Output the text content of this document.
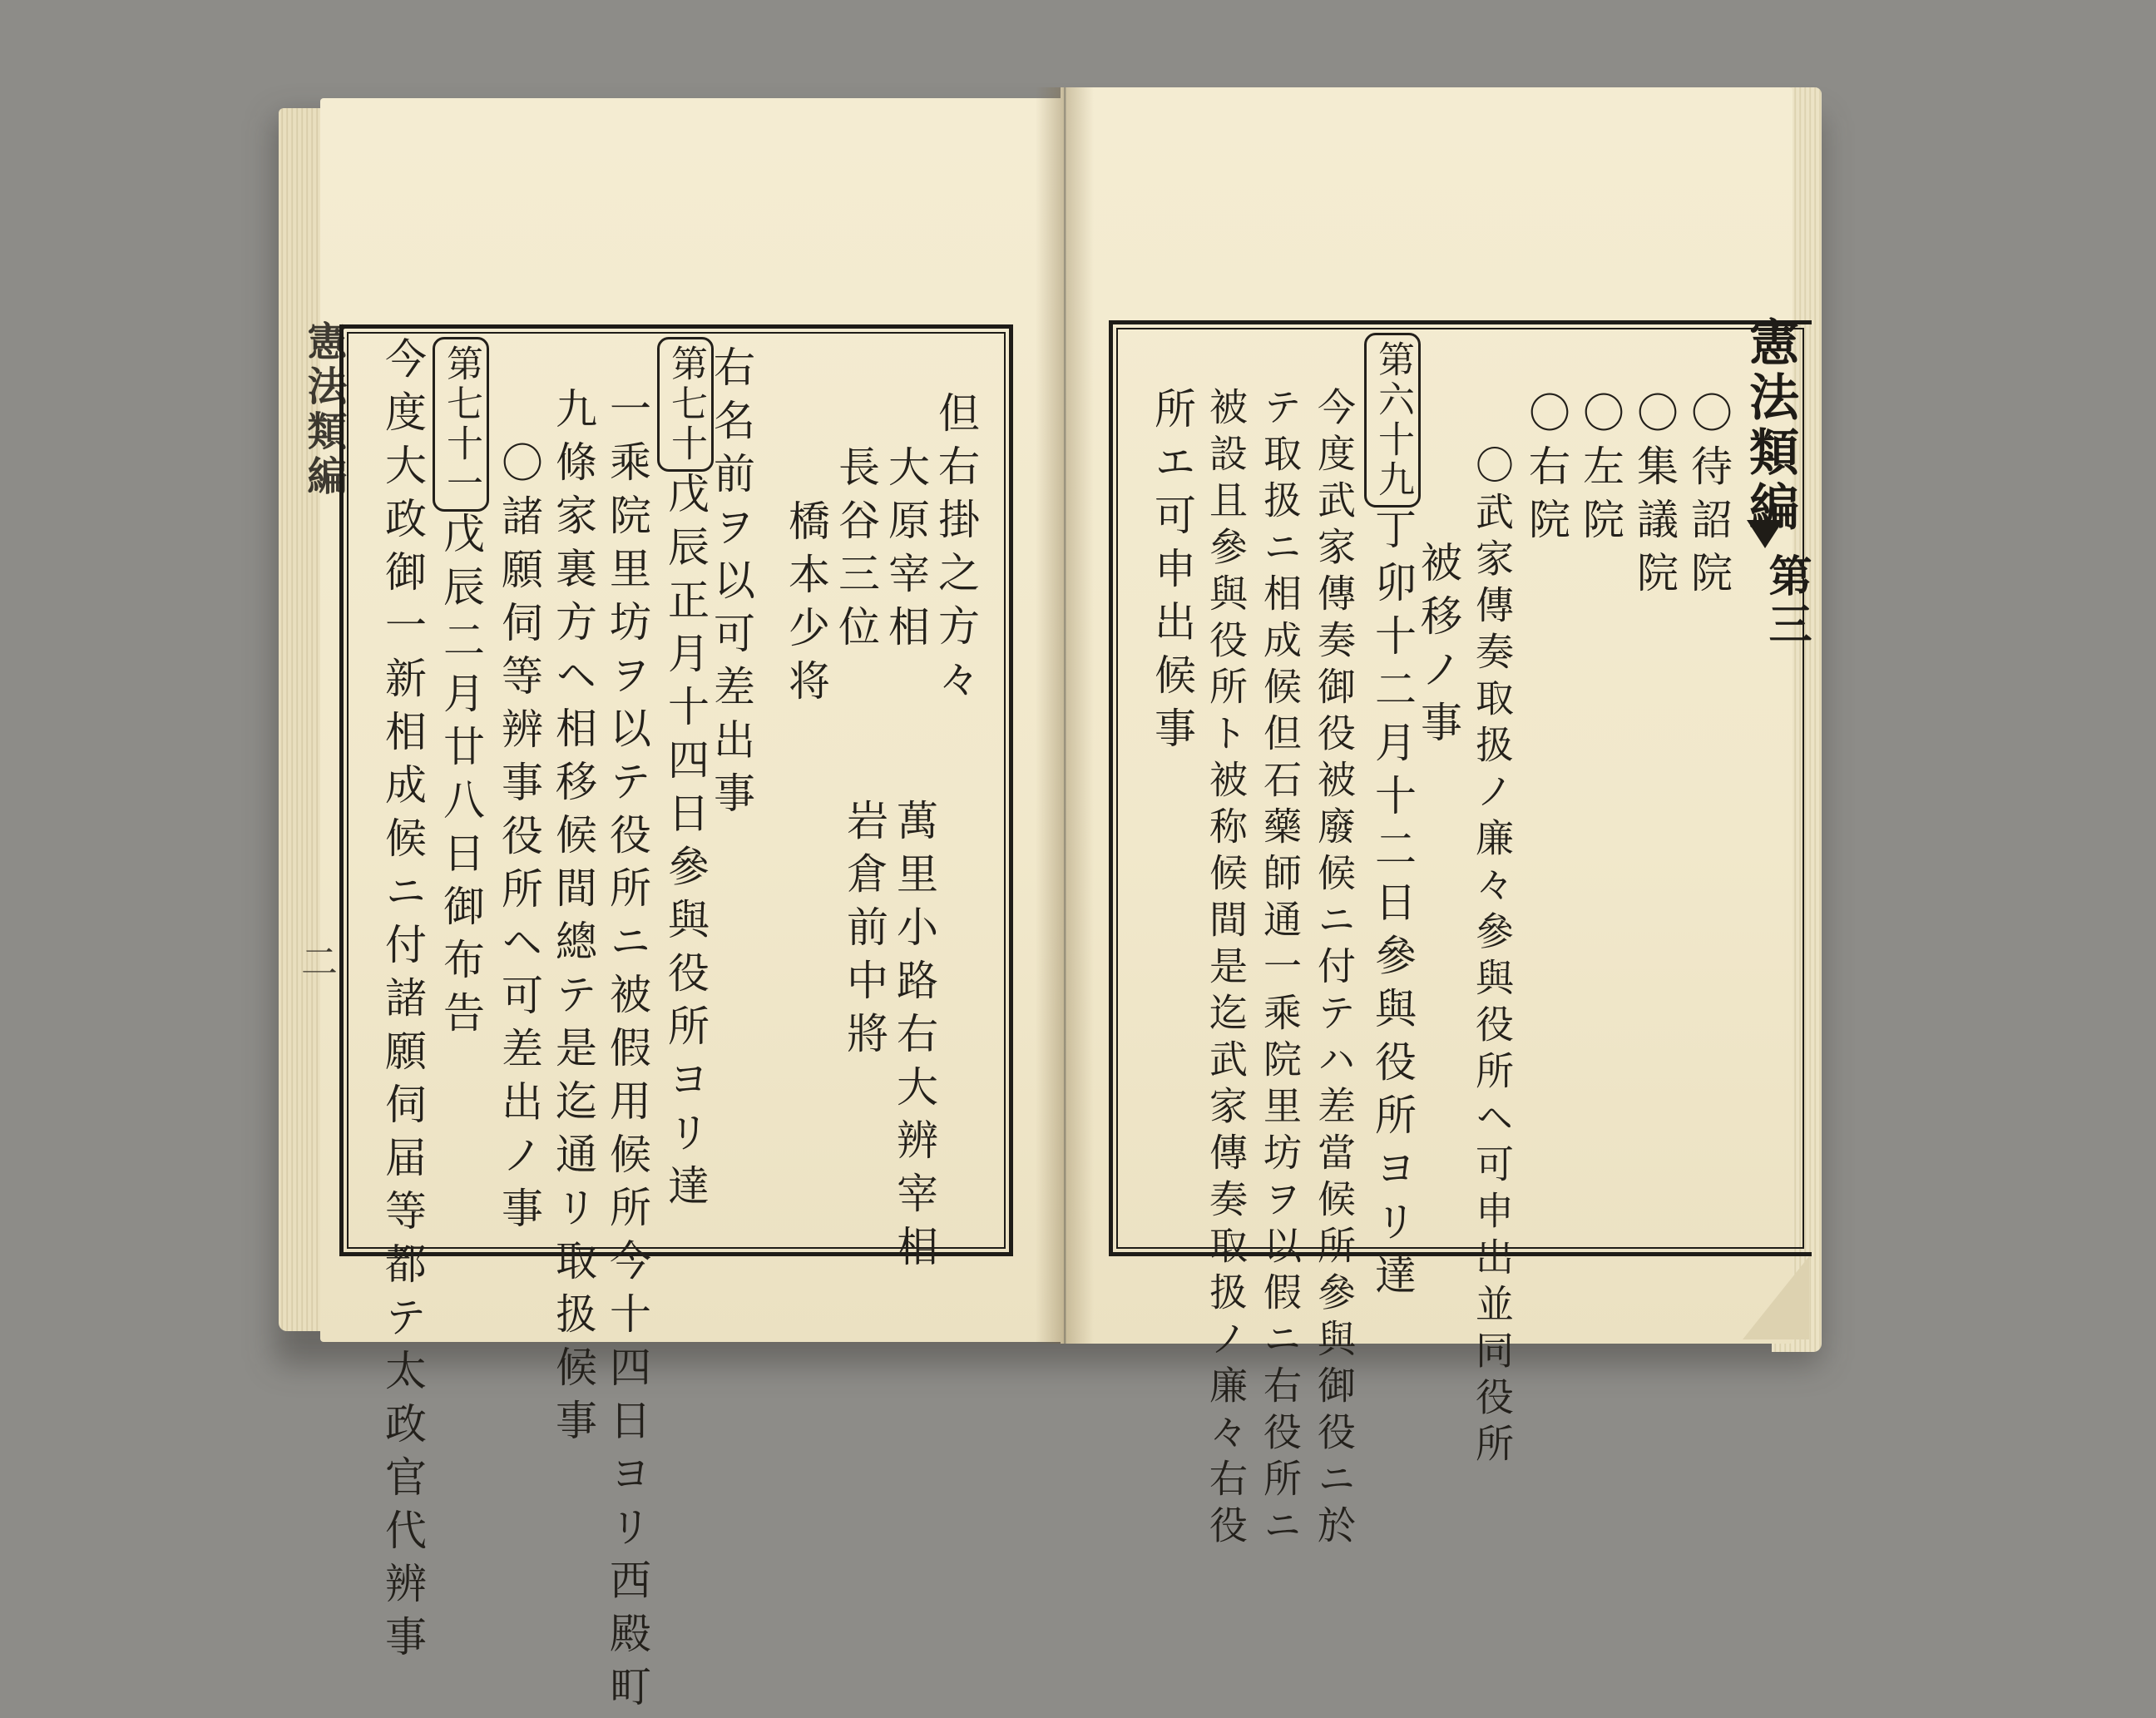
憲法類編
二
但右掛之方々
大原宰相
長谷三位
橋本少将
萬里小路右大辨宰相
岩倉前中將
右名前ヲ以可差出事
第七十戊辰正月十四日參與役所ヨリ達
一乘院里坊ヲ以テ役所ニ被假用候所今十四日ヨリ西殿町
九條家裏方ヘ相移候間總テ是迄通リ取扱候事
〇諸願伺等辨事役所ヘ可差出ノ事
第七十一戊辰二月廿八日御布告
今度大政御一新相成候ニ付諸願伺届等都テ太政官代辨事	憲法類編
第三
〇待詔院
〇集議院
〇左院
〇右院
〇武家傳奏取扱ノ廉々參與役所ヘ可申出並同役所
被移ノ事
第六十九丁卯十二月十二日參與役所ヨリ達
今度武家傳奏御役被廢候ニ付テハ差當候所參與御役ニ於
テ取扱ニ相成候但石藥師通一乘院里坊ヲ以假ニ右役所ニ
被設且參與役所ト被称候間是迄武家傳奏取扱ノ廉々右役
所エ可申出候事
